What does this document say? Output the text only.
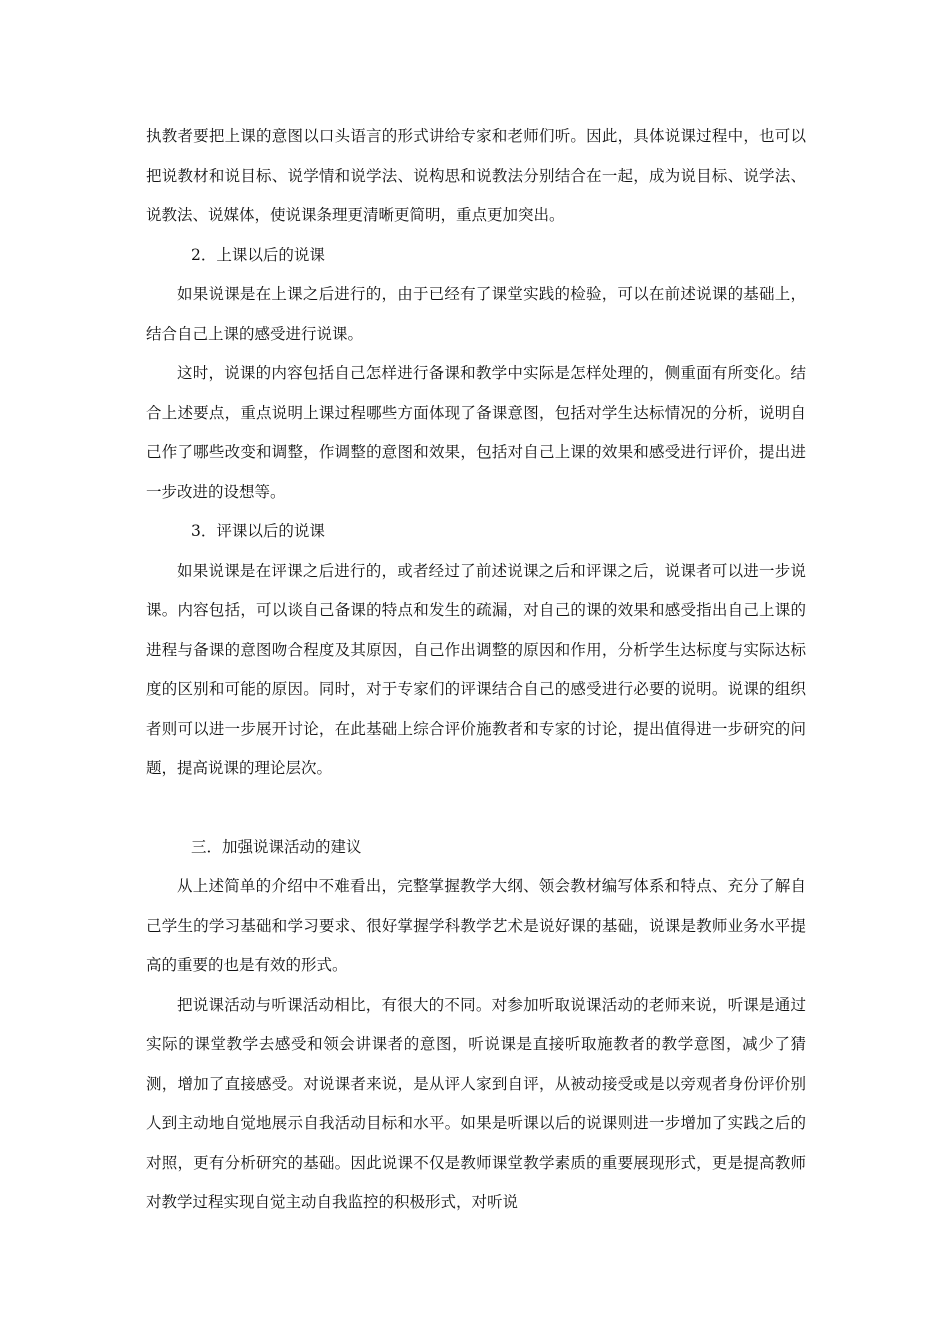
执教者要把上课的意图以口头语言的形式讲给专家和老师们听。因此，具体说课过程中，也可以把说教材和说目标、说学情和说学法、说构思和说教法分别结合在一起，成为说目标、说学法、说教法、说媒体，使说课条理更清晰更简明，重点更加突出。

2．上课以后的说课

如果说课是在上课之后进行的，由于已经有了课堂实践的检验，可以在前述说课的基础上，结合自己上课的感受进行说课。

这时，说课的内容包括自己怎样进行备课和教学中实际是怎样处理的，侧重面有所变化。结合上述要点，重点说明上课过程哪些方面体现了备课意图，包括对学生达标情况的分析，说明自己作了哪些改变和调整，作调整的意图和效果，包括对自己上课的效果和感受进行评价，提出进一步改进的设想等。

3．评课以后的说课

如果说课是在评课之后进行的，或者经过了前述说课之后和评课之后，说课者可以进一步说课。内容包括，可以谈自己备课的特点和发生的疏漏，对自己的课的效果和感受指出自己上课的进程与备课的意图吻合程度及其原因，自己作出调整的原因和作用，分析学生达标度与实际达标度的区别和可能的原因。同时，对于专家们的评课结合自己的感受进行必要的说明。说课的组织者则可以进一步展开讨论，在此基础上综合评价施教者和专家的讨论，提出值得进一步研究的问题，提高说课的理论层次。

三．加强说课活动的建议

从上述简单的介绍中不难看出，完整掌握教学大纲、领会教材编写体系和特点、充分了解自己学生的学习基础和学习要求、很好掌握学科教学艺术是说好课的基础，说课是教师业务水平提高的重要的也是有效的形式。

把说课活动与听课活动相比，有很大的不同。对参加听取说课活动的老师来说，听课是通过实际的课堂教学去感受和领会讲课者的意图，听说课是直接听取施教者的教学意图，减少了猜测，增加了直接感受。对说课者来说，是从评人家到自评，从被动接受或是以旁观者身份评价别人到主动地自觉地展示自我活动目标和水平。如果是听课以后的说课则进一步增加了实践之后的对照，更有分析研究的基础。因此说课不仅是教师课堂教学素质的重要展现形式，更是提高教师对教学过程实现自觉主动自我监控的积极形式，对听说
